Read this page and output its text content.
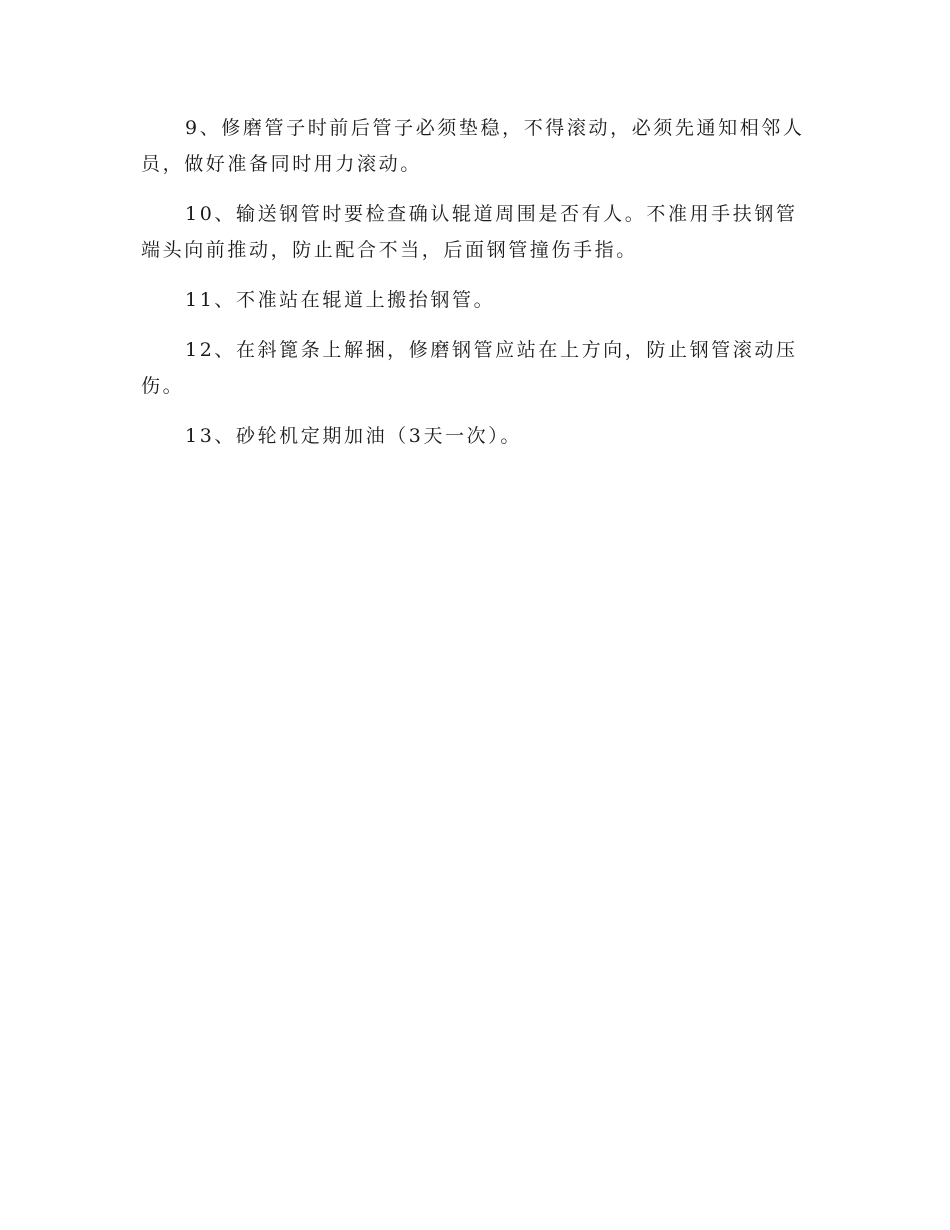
9、修磨管子时前后管子必须垫稳，不得滚动，必须先通知相邻人员，做好准备同时用力滚动。

10、输送钢管时要检查确认辊道周围是否有人。不准用手扶钢管端头向前推动，防止配合不当，后面钢管撞伤手指。

11、不准站在辊道上搬抬钢管。

12、在斜篦条上解捆，修磨钢管应站在上方向，防止钢管滚动压伤。

13、砂轮机定期加油（3天一次）。
